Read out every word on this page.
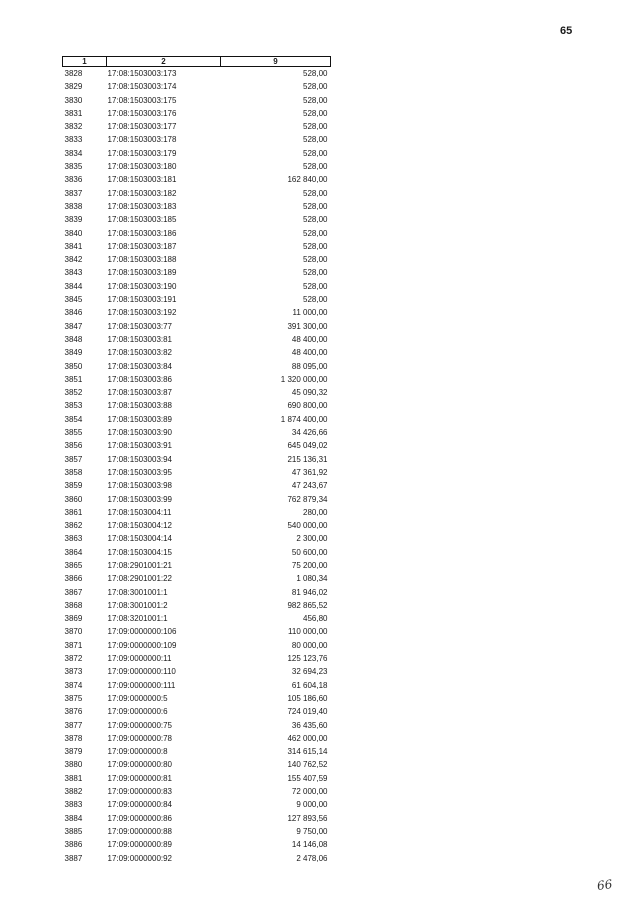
65
1	2	9
3828	17:08:1503003:173	528,00
3829	17:08:1503003:174	528,00
3830	17:08:1503003:175	528,00
3831	17:08:1503003:176	528,00
3832	17:08:1503003:177	528,00
3833	17:08:1503003:178	528,00
3834	17:08:1503003:179	528,00
3835	17:08:1503003:180	528,00
3836	17:08:1503003:181	162 840,00
3837	17:08:1503003:182	528,00
3838	17:08:1503003:183	528,00
3839	17:08:1503003:185	528,00
3840	17:08:1503003:186	528,00
3841	17:08:1503003:187	528,00
3842	17:08:1503003:188	528,00
3843	17:08:1503003:189	528,00
3844	17:08:1503003:190	528,00
3845	17:08:1503003:191	528,00
3846	17:08:1503003:192	11 000,00
3847	17:08:1503003:77	391 300,00
3848	17:08:1503003:81	48 400,00
3849	17:08:1503003:82	48 400,00
3850	17:08:1503003:84	88 095,00
3851	17:08:1503003:86	1 320 000,00
3852	17:08:1503003:87	45 090,32
3853	17:08:1503003:88	690 800,00
3854	17:08:1503003:89	1 874 400,00
3855	17:08:1503003:90	34 426,66
3856	17:08:1503003:91	645 049,02
3857	17:08:1503003:94	215 136,31
3858	17:08:1503003:95	47 361,92
3859	17:08:1503003:98	47 243,67
3860	17:08:1503003:99	762 879,34
3861	17:08:1503004:11	280,00
3862	17:08:1503004:12	540 000,00
3863	17:08:1503004:14	2 300,00
3864	17:08:1503004:15	50 600,00
3865	17:08:2901001:21	75 200,00
3866	17:08:2901001:22	1 080,34
3867	17:08:3001001:1	81 946,02
3868	17:08:3001001:2	982 865,52
3869	17:08:3201001:1	456,80
3870	17:09:0000000:106	110 000,00
3871	17:09:0000000:109	80 000,00
3872	17:09:0000000:11	125 123,76
3873	17:09:0000000:110	32 694,23
3874	17:09:0000000:111	61 604,18
3875	17:09:0000000:5	105 186,60
3876	17:09:0000000:6	724 019,40
3877	17:09:0000000:75	36 435,60
3878	17:09:0000000:78	462 000,00
3879	17:09:0000000:8	314 615,14
3880	17:09:0000000:80	140 762,52
3881	17:09:0000000:81	155 407,59
3882	17:09:0000000:83	72 000,00
3883	17:09:0000000:84	9 000,00
3884	17:09:0000000:86	127 893,56
3885	17:09:0000000:88	9 750,00
3886	17:09:0000000:89	14 146,08
3887	17:09:0000000:92	2 478,06
66
